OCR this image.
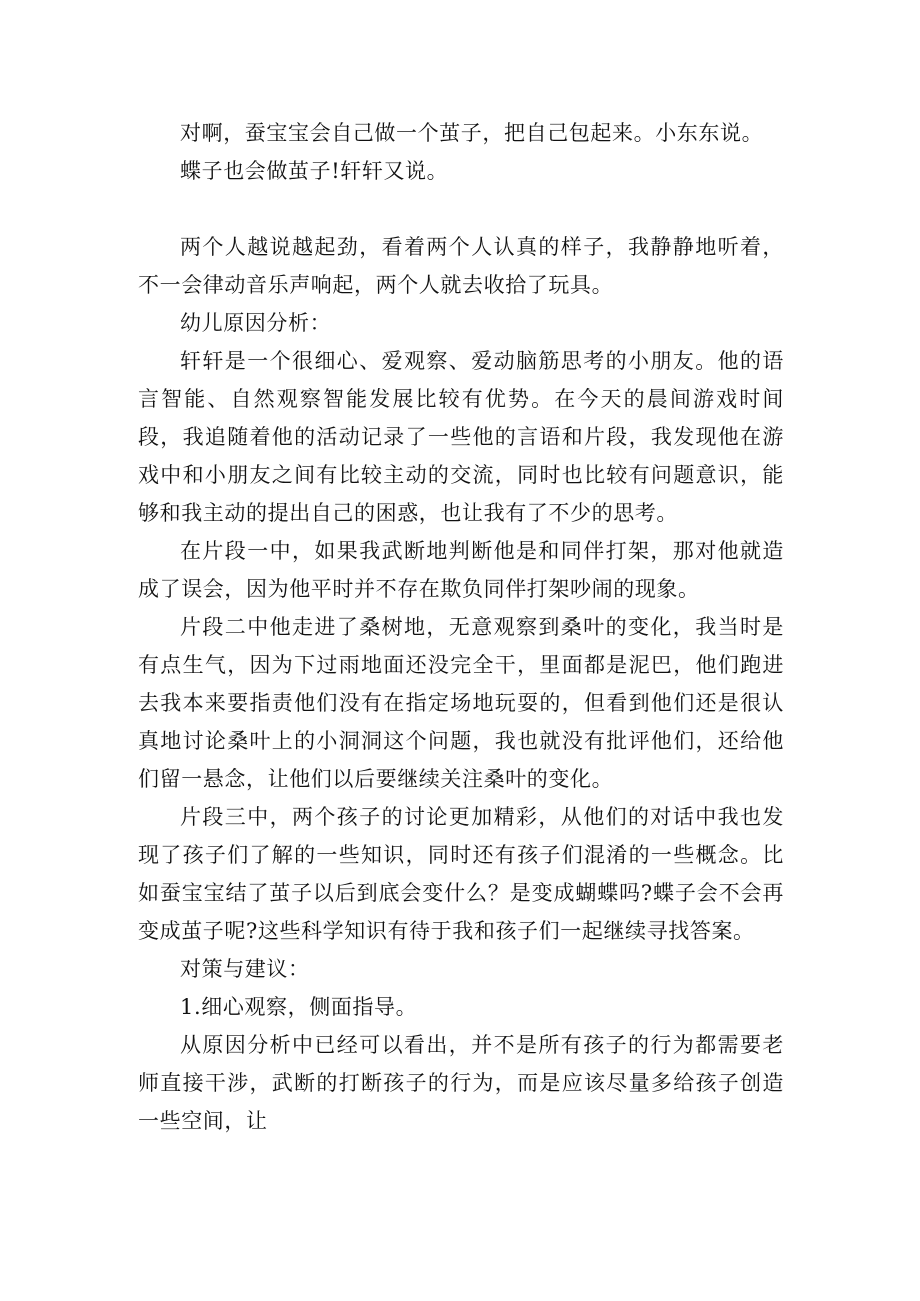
对啊，蚕宝宝会自己做一个茧子，把自己包起来。小东东说。

蝶子也会做茧子!轩轩又说。

两个人越说越起劲，看着两个人认真的样子，我静静地听着，不一会律动音乐声响起，两个人就去收拾了玩具。

幼儿原因分析：

轩轩是一个很细心、爱观察、爱动脑筋思考的小朋友。他的语言智能、自然观察智能发展比较有优势。在今天的晨间游戏时间段，我追随着他的活动记录了一些他的言语和片段，我发现他在游戏中和小朋友之间有比较主动的交流，同时也比较有问题意识，能够和我主动的提出自己的困惑，也让我有了不少的思考。

在片段一中，如果我武断地判断他是和同伴打架，那对他就造成了误会，因为他平时并不存在欺负同伴打架吵闹的现象。

片段二中他走进了桑树地，无意观察到桑叶的变化，我当时是有点生气，因为下过雨地面还没完全干，里面都是泥巴，他们跑进去我本来要指责他们没有在指定场地玩耍的，但看到他们还是很认真地讨论桑叶上的小洞洞这个问题，我也就没有批评他们，还给他们留一悬念，让他们以后要继续关注桑叶的变化。

片段三中，两个孩子的讨论更加精彩，从他们的对话中我也发现了孩子们了解的一些知识，同时还有孩子们混淆的一些概念。比如蚕宝宝结了茧子以后到底会变什么？是变成蝴蝶吗?蝶子会不会再变成茧子呢?这些科学知识有待于我和孩子们一起继续寻找答案。

对策与建议：

1.细心观察，侧面指导。

从原因分析中已经可以看出，并不是所有孩子的行为都需要老师直接干涉，武断的打断孩子的行为，而是应该尽量多给孩子创造一些空间，让
